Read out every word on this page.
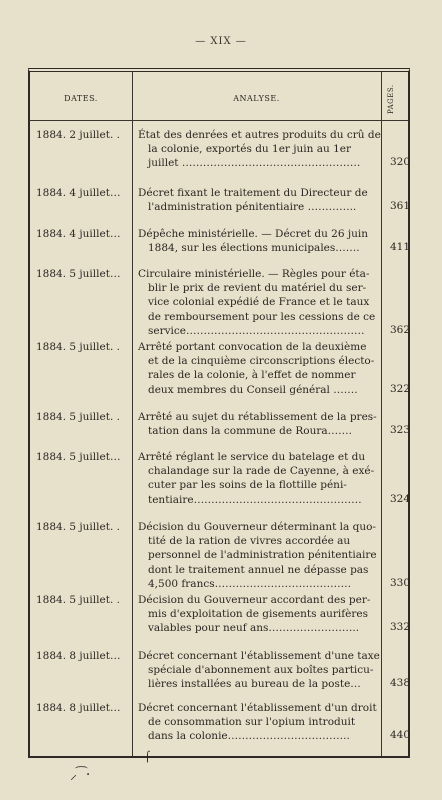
— XIX —
DATES.	ANALYSE.	PAGES.
1884. 2 juillet. .	État des denrées et autres produits du crû de
la colonie, exportés du 1er juin au 1er
juillet ……………………………………………	320
1884. 4 juillet…	Décret fixant le traitement du Directeur de
l'administration pénitentiaire …………..	361
1884. 4 juillet…	Dépêche ministérielle. — Décret du 26 juin
1884, sur les élections municipales…….	411
1884. 5 juillet…	Circulaire ministérielle. — Règles pour éta-
blir le prix de revient du matériel du ser-
vice colonial expédié de France et le taux
de remboursement pour les cessions de ce
service……………………………………………	362
1884. 5 juillet. .	Arrêté portant convocation de la deuxième
et de la cinquième circonscriptions électo-
rales de la colonie, à l'effet de nommer
deux membres du Conseil général …….	322
1884. 5 juillet. .	Arrêté au sujet du rétablissement de la pres-
tation dans la commune de Roura…….	323
1884. 5 juillet…	Arrêté réglant le service du batelage et du
chalandage sur la rade de Cayenne, à exé-
cuter par les soins de la flottille péni-
tentiaire…………………………………………	324
1884. 5 juillet. .	Décision du Gouverneur déterminant la quo-
tité de la ration de vivres accordée au
personnel de l'administration pénitentiaire
dont le traitement annuel ne dépasse pas
4,500 francs…………………………………	330
1884. 5 juillet. .	Décision du Gouverneur accordant des per-
mis d'exploitation de gisements aurifères
valables pour neuf ans……………………..	332
1884. 8 juillet…	Décret concernant l'établissement d'une taxe
spéciale d'abonnement aux boîtes particu-
lières installées au bureau de la poste…	438
1884. 8 juillet…	Décret concernant l'établissement d'un droit
de consommation sur l'opium introduit
dans la colonie……………………………..	440
⸝ ͡ ·
⌠
